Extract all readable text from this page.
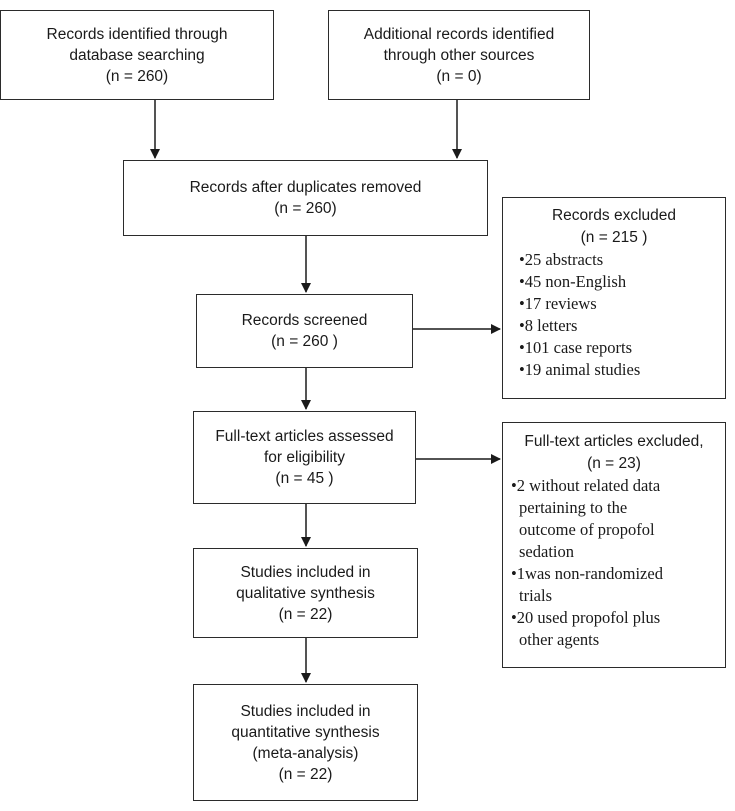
Records identified through
database searching
(n = 260)
Additional records identified
through other sources
(n = 0)
Records after duplicates removed
(n = 260)
Records screened
(n = 260 )
Full-text articles assessed
for eligibility
(n = 45 )
Studies included in
qualitative synthesis
(n = 22)
Studies included in
quantitative synthesis
(meta-analysis)
(n = 22)
Records excluded
(n = 215 )
•25 abstracts
•45 non-English
•17 reviews
•8 letters
•101 case reports
•19 animal studies
Full-text articles excluded,
(n = 23)
•2 without related data
pertaining to the
outcome of propofol
sedation
•1was non-randomized
trials
•20 used propofol plus
other agents
